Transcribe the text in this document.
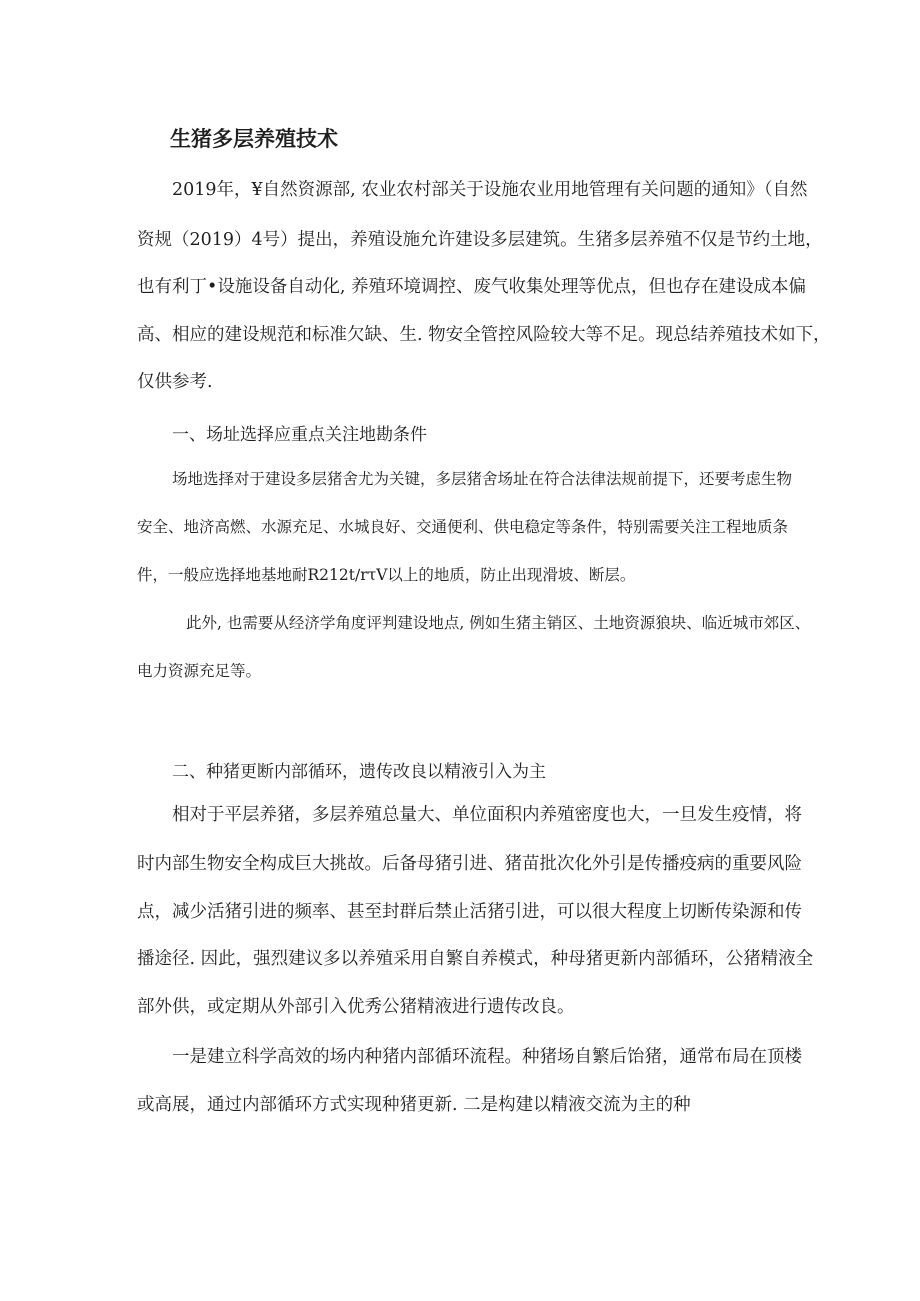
生猪多层养殖技术
2019年，¥自然资源部, 农业农村部关于设施农业用地管理有关问题的通知》（自然
资规（2019）4号）提出，养殖设施允许建设多层建筑。生猪多层养殖不仅是节约土地，
也有利丁•设施设备自动化, 养殖环境调控、废气收集处理等优点，但也存在建设成本偏
高、相应的建设规范和标准欠缺、生. 物安全管控风险较大等不足。现总结养殖技术如下，
仅供参考.
一、场址选择应重点关注地勘条件
场地选择对于建设多层猪舍尤为关键，多层猪舍场址在符合法律法规前提下，还要考虑生物
安全、地济高燃、水源充足、水城良好、交通便利、供电稳定等条件，特别需要关注工程地质条
件，一般应选择地基地耐R212t∕rτV以上的地质，防止出现滑坡、断层。
此外, 也需要从经济学角度评判建设地点, 例如生猪主销区、土地资源狼块、临近城市郊区、
电力资源充足等。
二、种猪更断内部循环，遗传改良以精液引入为主
相对于平层养猪，多层养殖总量大、单位面积内养殖密度也大，一旦发生疫情，将
时内部生物安全构成巨大挑故。后备母猪引进、猪苗批次化外引是传播疫病的重要风险
点，减少活猪引进的频率、甚至封群后禁止活猪引进，可以很大程度上切断传染源和传
播途径. 因此，强烈建议多以养殖采用自繁自养模式，种母猪更新内部循环，公猪精液全
部外供，或定期从外部引入优秀公猪精液进行遗传改良。
一是建立科学高效的场内种猪内部循环流程。种猪场自繁后饴猪，通常布局在顶楼
或高展，通过内部循环方式实现种猪更新. 二是构建以精液交流为主的种
